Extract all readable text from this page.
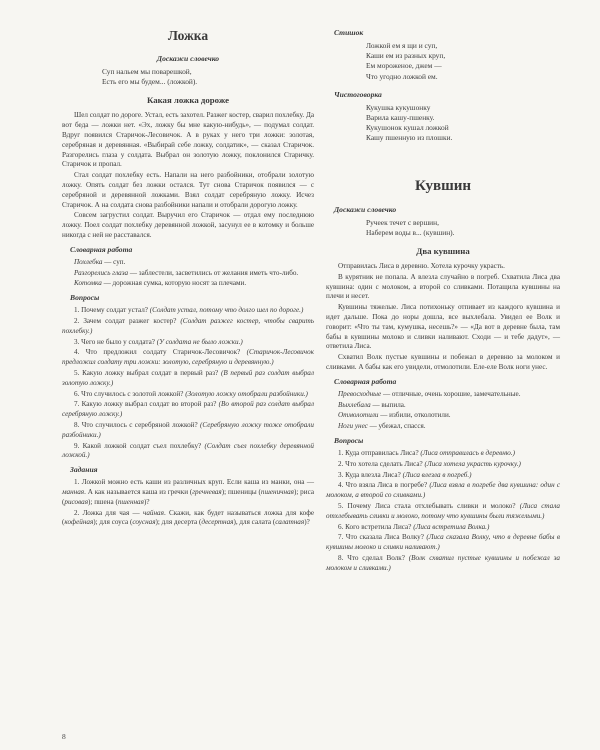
Ложка
Доскажи словечко
Суп нальем мы поварешкой,
Есть его мы будем... (ложкой).
Какая ложка дороже

Шел солдат по дороге. Устал, есть захотел. Разжег костер, сварил похлебку. Да вот беда — ложки нет. «Эх, ложку бы мне какую-нибудь», — подумал солдат. Вдруг появился Старичок-Лесовичок. А в руках у него три ложки: золотая, серебряная и деревянная. «Выбирай себе ложку, солдатик», — сказал Старичок. Разгорелись глаза у солдата. Выбрал он золотую ложку, поклонился Старичку. Старичок и пропал.

Стал солдат похлебку есть. Напали на него разбойники, отобрали золотую ложку. Опять солдат без ложки остался. Тут снова Старичок появился — с серебряной и деревянной ложками. Взял солдат серебряную ложку. Исчез Старичок. А на солдата снова разбойники напали и отобрали дорогую ложку.

Совсем загрустил солдат. Выручил его Старичок — отдал ему последнюю ложку. Поел солдат похлебку деревянной ложкой, засунул ее в котомку и больше никогда с ней не расставался.

Словарная работа
Похлебка — суп.
Разгорелись глаза — заблестели, засветились от желания иметь что-либо.
Котомка — дорожная сумка, которую носят за плечами.
Вопросы
1. Почему солдат устал? (Солдат устал, потому что долго шел по дороге.)
2. Зачем солдат разжег костер? (Солдат разжег костер, чтобы сварить похлебку.)
3. Чего не было у солдата? (У солдата не было ложки.)
4. Что предложил солдату Старичок-Лесовичок? (Старичок-Лесовичок предложил солдату три ложки: золотую, серебряную и деревянную.)
5. Какую ложку выбрал солдат в первый раз? (В первый раз солдат выбрал золотую ложку.)
6. Что случилось с золотой ложкой? (Золотую ложку отобрали разбойники.)
7. Какую ложку выбрал солдат во второй раз? (Во второй раз солдат выбрал серебряную ложку.)
8. Что случилось с серебряной ложкой? (Серебряную ложку тоже отобрали разбойники.)
9. Какой ложкой солдат съел похлебку? (Солдат съел похлебку деревянной ложкой.)
Задания
1. Ложкой можно есть каши из различных круп. Если каша из манки, она — манная. А как называется каша из гречки (гречневая); пшеницы (пшеничная); риса (рисовая); пшена (пшенная)?
2. Ложка для чая — чайная. Скажи, как будет называться ложка для кофе (кофейная); для соуса (соусная); для десерта (десертная), для салата (салатная)?
Стишок
Ложкой ем я щи и суп,
Каши ем из разных круп,
Ем мороженое, джем —
Что угодно ложкой ем.
Чистоговорка
Кукушка кукушонку
Варила кашу-пшенку.
Кукушонок кушал ложкой
Кашу пшенную из плошки.
Кувшин
Доскажи словечко
Ручеек течет с вершин,
Наберем воды в... (кувшин).
Два кувшина

Отправилась Лиса в деревню. Хотела курочку украсть.

В курятник не попала. А влезла случайно в погреб. Схватила Лиса два кувшина: один с молоком, а второй со сливками. Потащила кувшины на плечи и несет.

Кувшины тяжелые. Лиса потихоньку отпивает из каждого кувшина и идет дальше. Пока до норы дошла, все выхлебала. Увидел ее Волк и говорит: «Что ты там, кумушка, несешь?» — «Да вот в деревне была, там бабы в кувшины молоко и сливки наливают. Сходи — и тебе дадут», — ответила Лиса.

Схватил Волк пустые кувшины и побежал в деревню за молоком и сливками. А бабы как его увидели, отмолотили. Еле-еле Волк ноги унес.

Словарная работа
Превосходные — отличные, очень хорошие, замечательные.
Выхлебала — выпила.
Отмолотили — избили, отколотили.
Ноги унес — убежал, спасся.
Вопросы
1. Куда отправилась Лиса? (Лиса отправилась в деревню.)
2. Что хотела сделать Лиса? (Лиса хотела украсть курочку.)
3. Куда влезла Лиса? (Лиса влезла в погреб.)
4. Что взяла Лиса в погребе? (Лиса взяла в погребе два кувшина: один с молоком, а второй со сливками.)
5. Почему Лиса стала отхлебывать сливки и молоко? (Лиса стала отхлебывать сливки и молоко, потому что кувшины были тяжелыми.)
6. Кого встретила Лиса? (Лиса встретила Волка.)
7. Что сказала Лиса Волку? (Лиса сказала Волку, что в деревне бабы в кувшины молоко и сливки наливают.)
8. Что сделал Волк? (Волк схватил пустые кувшины и побежал за молоком и сливками.)
8
